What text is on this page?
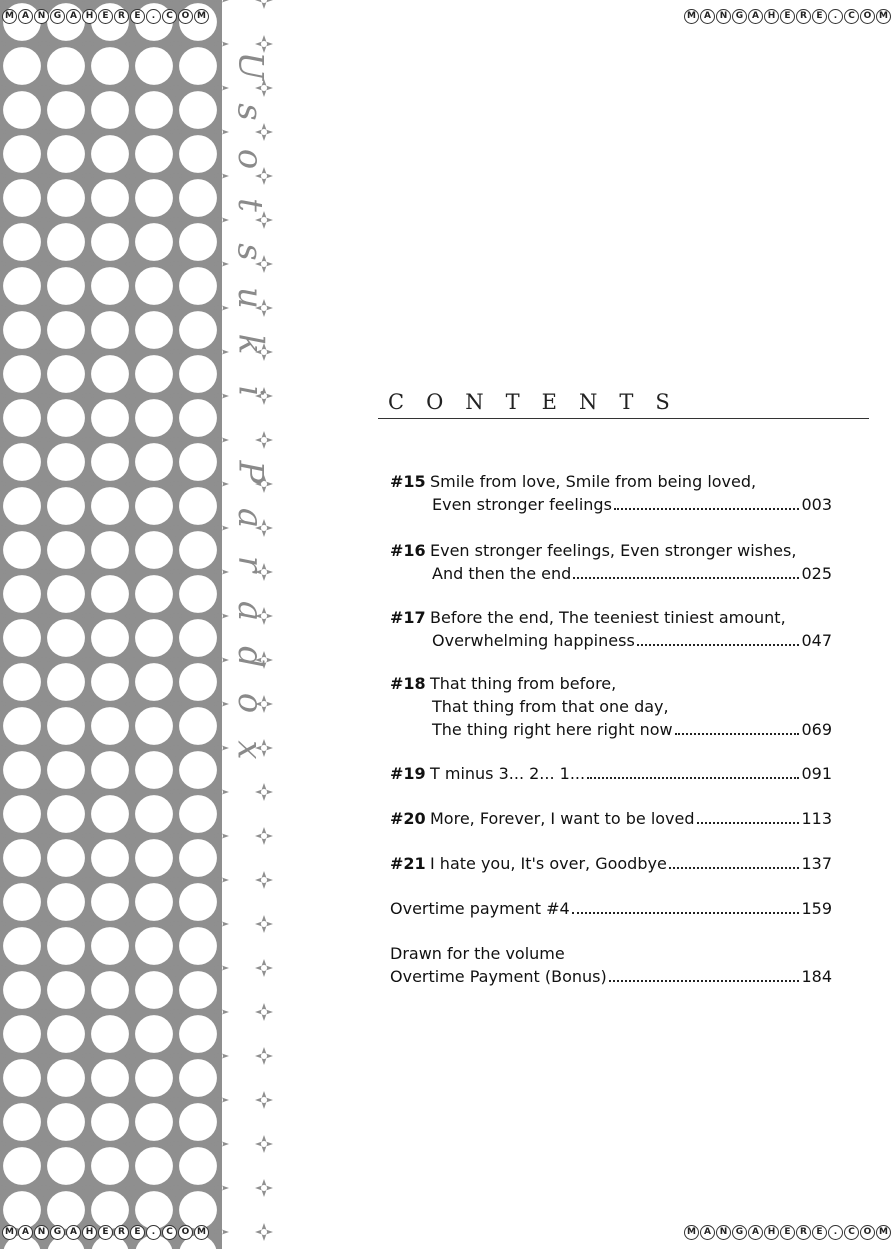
U
s
o
t
s
u
k
i
P
a
r
a
d
o
x
M A N G A H	E	R	E	.	C O M	M A N G A H	E	R	E	.	C O M
M A N G A H	E	R	E	.	C O M	M A N G A H	E	R	E	.	C O M
CONTENTS
#15 Smile from love, Smile from being loved,
Even stronger feelings	003
#16 Even stronger feelings, Even stronger wishes,
And then the end	025
#17 Before the end, The teeniest tiniest amount,
Overwhelming happiness	047
#18 That thing from before,
That thing from that one day,
The thing right here right now	069
#19 T minus 3... 2... 1...	091
#20 More, Forever, I want to be loved	113
#21 I hate you, It's over, Goodbye	137
Overtime payment #4	159
Drawn for the volume
Overtime Payment (Bonus)	184
